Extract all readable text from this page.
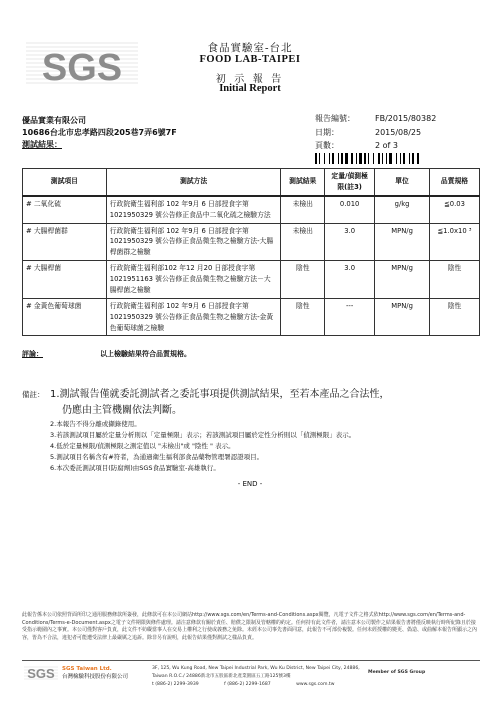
SGS	食品實驗室-台北
FOOD LAB-TAIPEI
初 示 報 告
Initial Report
優品實業有限公司
10686台北市忠孝路四段205巷7弄6號7F
測試結果：
報告編號：	FB/2015/80382
日期：	2015/08/25
頁數：	2 of 3
測試項目	測試方法	測試結果	定量/偵測極限(註3)	單位	品質規格
# 二氧化硫	行政院衛生福利部 102 年9月 6 日部授食字第1021950329 號公告修正食品中二氧化硫之檢驗方法	未檢出	0.010	g/kg	≦0.03
# 大腸桿菌群	行政院衛生福利部 102 年9月 6 日部授食字第1021950329 號公告修正食品微生物之檢驗方法-大腸桿菌群之檢驗	未檢出	3.0	MPN/g	≦1.0x10 ³
# 大腸桿菌	行政院衛生福利部102 年12 月20 日部授食字第1021951163 號公告修正食品微生物之檢驗方法－大腸桿菌之檢驗	陰性	3.0	MPN/g	陰性
# 金黃色葡萄球菌	行政院衛生福利部 102 年9月 6 日部授食字第1021950329 號公告修正食品微生物之檢驗方法-金黃色葡萄球菌之檢驗	陰性	---	MPN/g	陰性
評論：	以上檢驗結果符合品質規格。
備註： 1.測試報告僅就委託測試者之委託事項提供測試結果，至若本產品之合法性，
仍應由主管機關依法判斷。
2.本報告不得分離或擷錄使用。
3.若該測試項目屬於定量分析則以「定量極限」表示；若該測試項目屬於定性分析則以「偵測極限」表示。
4.低於定量極限/偵測極限之測定值以 "未檢出"或 "陰性 " 表示。
5.測試項目名稱含有#符者，為通過衛生福利部食品藥物管理署認證項目。
6.本次委託測試項目(防腐劑)由SGS食品實驗室-高雄執行。
- END -
此報告係本公司依照背面所印之通用服務條款所簽發，此條款可在本公司網站http://www.sgs.com/en/Terms-and-Conditions.aspx閱覽，凡電子文件之格式依http://www.sgs.com/en/Terms-and-Conditions/Terms-e-Document.aspx之電子文件期限與條件處理。請注意條款有關於責任、賠償之限制及管轄權的約定。任何持有此文件者，請注意本公司製作之結果報告書將僅反映執行時所紀錄且於接受指示範圍內之事實。本公司僅對客戶負責，此文件不妨礙當事人在交易上權利之行使或義務之免除。未經本公司事先書面同意，此報告不可部份複製。任何未經授權的變更、偽造、或曲解本報告所顯示之內容，皆為不合法，違犯者可能遭受法律上最嚴厲之追訴。除非另有說明，此報告結果僅對測試之樣品負責。
SGS SGS Taiwan Ltd.
台灣檢驗科技股份有限公司
3F, 125, Wu Kung Road, New Taipei Industrial Park, Wu Ku District, New Taipei City, 24886, Taiwan R.O.C./ 24886新北市五股區新北產業園區五工路125號3樓
t (886-2) 2299-3939	f (886-2) 2299-1687	www.sgs.com.tw
Member of SGS Group
